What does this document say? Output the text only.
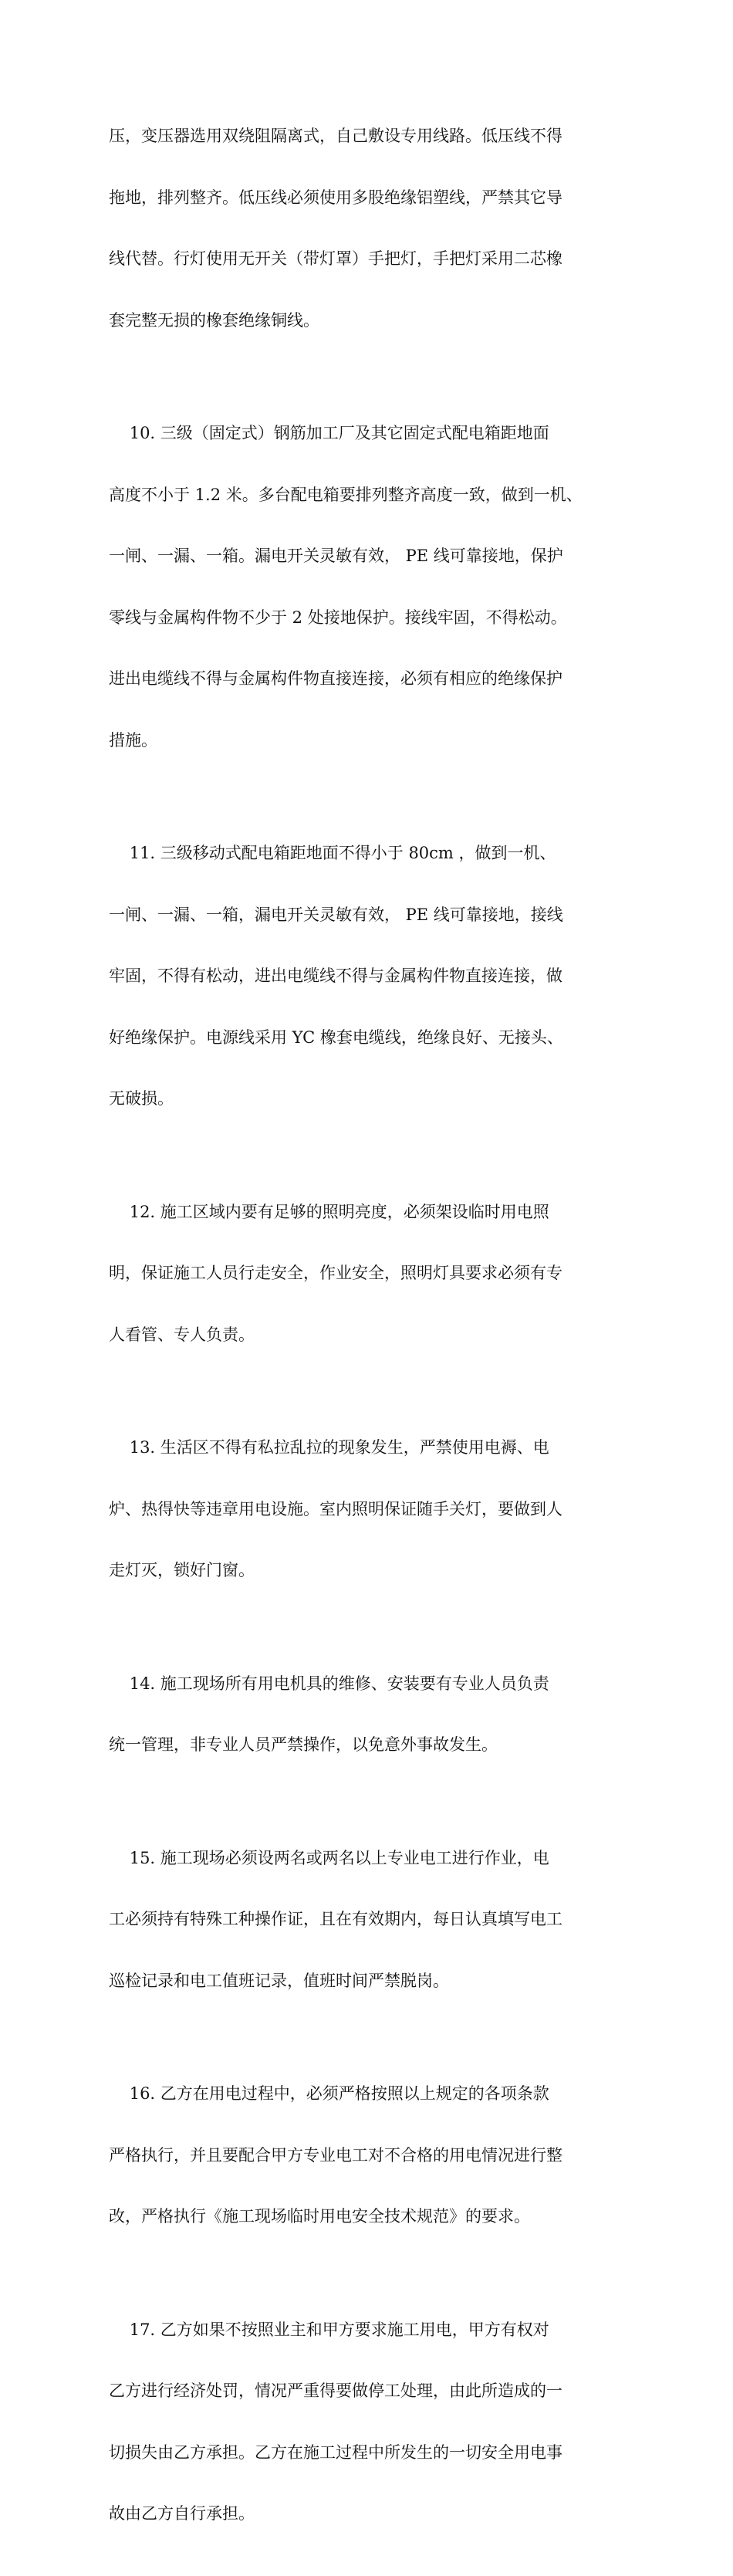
压，变压器选用双绕阻隔离式，自己敷设专用线路。低压线不得

拖地，排列整齐。低压线必须使用多股绝缘铝塑线，严禁其它导

线代替。行灯使用无开关（带灯罩）手把灯，手把灯采用二芯橡

套完整无损的橡套绝缘铜线。

10. 三级（固定式）钢筋加工厂及其它固定式配电箱距地面

高度不小于 1.2 米。多台配电箱要排列整齐高度一致，做到一机、

一闸、一漏、一箱。漏电开关灵敏有效， PE 线可靠接地，保护

零线与金属构件物不少于 2 处接地保护。接线牢固，不得松动。

进出电缆线不得与金属构件物直接连接，必须有相应的绝缘保护

措施。

11. 三级移动式配电箱距地面不得小于 80cm ，做到一机、

一闸、一漏、一箱，漏电开关灵敏有效， PE 线可靠接地，接线

牢固，不得有松动，进出电缆线不得与金属构件物直接连接，做

好绝缘保护。电源线采用 YC 橡套电缆线，绝缘良好、无接头、

无破损。

12. 施工区域内要有足够的照明亮度，必须架设临时用电照

明，保证施工人员行走安全，作业安全，照明灯具要求必须有专

人看管、专人负责。

13. 生活区不得有私拉乱拉的现象发生，严禁使用电褥、电

炉、热得快等违章用电设施。室内照明保证随手关灯，要做到人

走灯灭，锁好门窗。

14. 施工现场所有用电机具的维修、安装要有专业人员负责

统一管理，非专业人员严禁操作，以免意外事故发生。

15. 施工现场必须设两名或两名以上专业电工进行作业，电

工必须持有特殊工种操作证，且在有效期内，每日认真填写电工

巡检记录和电工值班记录，值班时间严禁脱岗。

16. 乙方在用电过程中，必须严格按照以上规定的各项条款

严格执行，并且要配合甲方专业电工对不合格的用电情况进行整

改，严格执行《施工现场临时用电安全技术规范》的要求。

17. 乙方如果不按照业主和甲方要求施工用电，甲方有权对

乙方进行经济处罚，情况严重得要做停工处理，由此所造成的一

切损失由乙方承担。乙方在施工过程中所发生的一切安全用电事

故由乙方自行承担。
